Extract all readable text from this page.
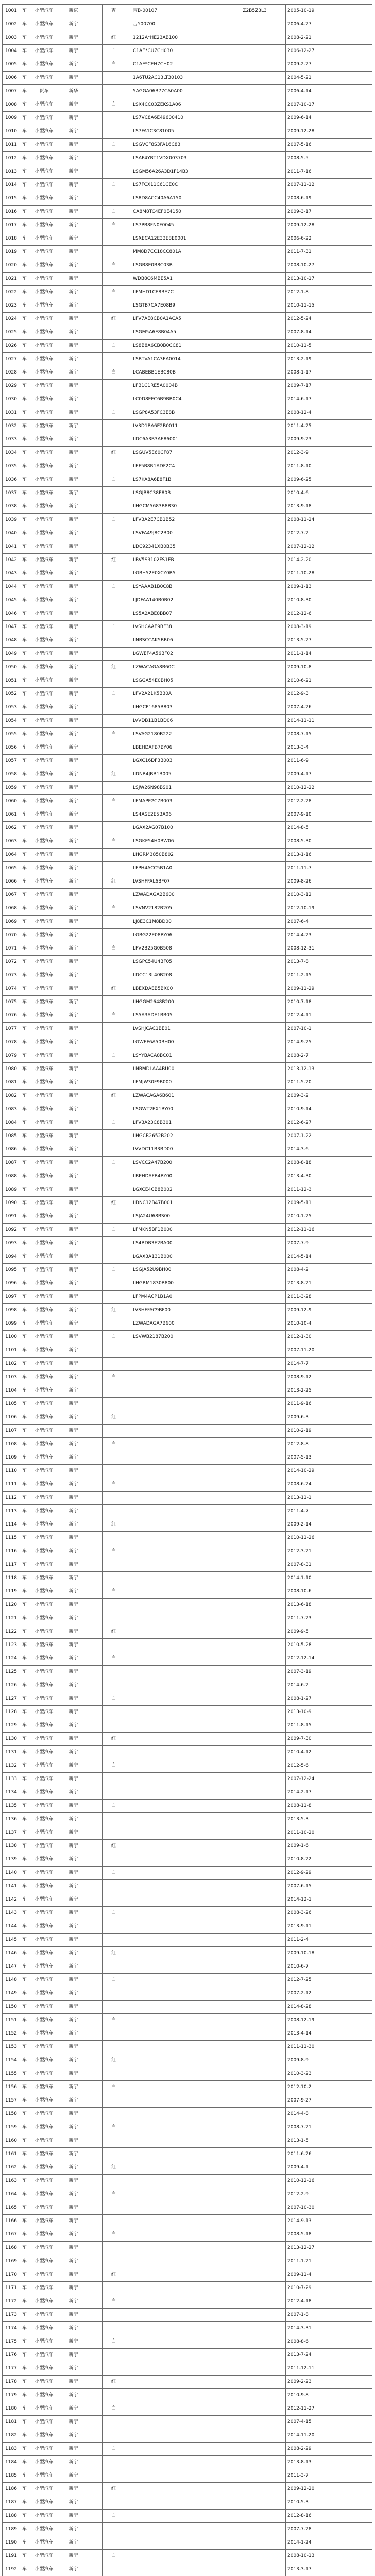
1001	车	小型汽车	新京		吉		吉B-00107	Z2B5Z3L3	2005-10-19
1002	车	小型汽车	新宁				吉Y00700		2006-4-27
1003	车	小型汽车	新宁		红		1212A*HE23AB100		2008-2-21
1004	车	小型汽车	新宁		白		C1AE*CU7CH030		2006-12-27
1005	车	小型汽车	新宁		白		C1AE*CEH7CH02		2009-2-27
1006	车	小型汽车	新宁				1A6TU2AC13LT30103		2004-5-21
1007	车	货车	新华				5AGGA06B77CA0A00		2006-4-14
1008	车	小型汽车	新宁		白		LSX4CC03ZEKS1A06		2007-10-17
1009	车	小型汽车	新宁				LS7VC8A6E49600410		2009-6-14
1010	车	小型汽车	新宁				LS7FA1C3C81005		2009-12-28
1011	车	小型汽车	新宁		白		LSGVCF8S3FA16C83		2007-5-16
1012	车	小型汽车	新宁				LSAF4YBT1VDX003703		2008-5-5
1013	车	小型汽车	新宁				LSGM56A26A3D1F14B3		2011-7-16
1014	车	小型汽车	新宁		白		LS7FCX11C61CE0C		2007-11-12
1015	车	小型汽车	新宁				LS8D8ACC40A6A150		2008-6-19
1016	车	小型汽车	新宁		白		CA8M8TC4EF0E4150		2009-3-17
1017	车	小型汽车	新宁		白		LS7PB8FN0F0045		2009-12-28
1018	车	小型汽车	新宁				LSXECA12E33E8E0001		2006-6-22
1019	车	小型汽车	新宁				MM8D7CC18CC801A		2011-7-31
1020	车	小型汽车	新宁		白		LSGB8E0B8C03B		2008-10-27
1021	车	小型汽车	新宁				WDB8C6MBE5A1		2013-10-17
1022	车	小型汽车	新宁		白		LFMHD1CE8BE7C		2012-1-8
1023	车	小型汽车	新宁				LSGTB7CA7E08B9		2010-11-15
1024	车	小型汽车	新宁		红		LFV7AE8CB0A1ACA5		2012-5-24
1025	车	小型汽车	新宁				LSGM5A6E8B04A5		2007-8-14
1026	车	小型汽车	新宁		白		LS8B8A6CB0B0CC81		2010-11-5
1027	车	小型汽车	新宁				LSBTVA1CA3EA0014		2013-2-19
1028	车	小型汽车	新宁		白		LCABEBB1EBC80B		2008-1-17
1029	车	小型汽车	新宁				LFB1C1RE5A0004B		2009-7-17
1030	车	小型汽车	新宁				LC0D8EFC6B9BB0C4		2014-6-17
1031	车	小型汽车	新宁		白		LSGP8A53FC3E8B		2008-12-4
1032	车	小型汽车	新宁				LV3D1BA6E2B0011		2011-4-25
1033	车	小型汽车	新宁				LDC6A3B3AE86001		2009-9-23
1034	车	小型汽车	新宁		红		LSGUV5E60CF87		2012-3-9
1035	车	小型汽车	新宁				LEF5B8R1ADF2C4		2011-8-10
1036	车	小型汽车	新宁		白		LS7KA8A6E8F1B		2009-6-25
1037	车	小型汽车	新宁				LSGJB8C38E80B		2010-4-6
1038	车	小型汽车	新宁				LHGCM5683B8B30		2013-9-18
1039	车	小型汽车	新宁		白		LFV3A2E7CB1B52		2008-11-24
1040	车	小型汽车	新宁				LSVFA49J8C2B00		2012-7-2
1041	车	小型汽车	新宁				LDC92341XB0B35		2007-12-12
1042	车	小型汽车	新宁		红		LBV5S3102FS1EB		2014-2-20
1043	车	小型汽车	新宁				LGBH52E0XCY0B5		2011-10-28
1044	车	小型汽车	新宁		白		LSYAAAB1B0C8B		2009-1-13
1045	车	小型汽车	新宁				LJDFAA140B0B02		2010-8-30
1046	车	小型汽车	新宁				LS5A2ABE8BB07		2012-12-6
1047	车	小型汽车	新宁		白		LVSHCAAE9BF38		2008-3-19
1048	车	小型汽车	新宁				LNBSCCAK5BR06		2013-5-27
1049	车	小型汽车	新宁				LGWEF4A56BF02		2011-1-14
1050	车	小型汽车	新宁		红		LZWACAGA8B60C		2009-10-8
1051	车	小型汽车	新宁				LSGGA54E0BH05		2010-6-21
1052	车	小型汽车	新宁		白		LFV2A21K5B30A		2012-9-3
1053	车	小型汽车	新宁				LHGCP1685B803		2007-4-26
1054	车	小型汽车	新宁				LVVDB11B1BD06		2014-11-11
1055	车	小型汽车	新宁		白		LSVAG2180B222		2008-7-15
1056	车	小型汽车	新宁				LBEHDAFB7BY06		2013-3-4
1057	车	小型汽车	新宁				LGXC16DF3B003		2011-6-9
1058	车	小型汽车	新宁		红		LDNB4JBB1B005		2009-4-17
1059	车	小型汽车	新宁				LSJW26N98BS01		2010-12-22
1060	车	小型汽车	新宁		白		LFMAPE2C7B003		2012-2-28
1061	车	小型汽车	新宁				LS4ASE2E5BA06		2007-9-10
1062	车	小型汽车	新宁				LGAX2AG07B100		2014-8-5
1063	车	小型汽车	新宁		白		LSGKE54H0BW06		2008-5-30
1064	车	小型汽车	新宁				LHGRM3850B802		2013-1-16
1065	车	小型汽车	新宁				LFPH4ACC5B1A0		2011-11-7
1066	车	小型汽车	新宁		红		LVSHFFAL6BF07		2009-8-26
1067	车	小型汽车	新宁				LZWADAGA2B600		2010-3-12
1068	车	小型汽车	新宁		白		LSVNV2182B205		2012-10-19
1069	车	小型汽车	新宁				LJ8E3C1M8BD00		2007-6-4
1070	车	小型汽车	新宁				LGBG22E08BY06		2014-4-23
1071	车	小型汽车	新宁		白		LFV2B25G0B508		2008-12-31
1072	车	小型汽车	新宁				LSGPC54U4BF05		2013-7-8
1073	车	小型汽车	新宁				LDCC13L40B208		2011-2-15
1074	车	小型汽车	新宁		红		LBEXDAEB5BX00		2009-11-29
1075	车	小型汽车	新宁				LHGGM2648B200		2010-7-18
1076	车	小型汽车	新宁		白		LS5A3ADE1BB05		2012-4-11
1077	车	小型汽车	新宁				LVSHJCAC1BE01		2007-10-1
1078	车	小型汽车	新宁				LGWEF6A50BH00		2014-9-25
1079	车	小型汽车	新宁		白		LSYYBACA8BC01		2008-2-7
1080	车	小型汽车	新宁				LNBMDLAA4BU00		2013-12-13
1081	车	小型汽车	新宁				LFMJW30F9B000		2011-5-20
1082	车	小型汽车	新宁		红		LZWACAGA6B601		2009-3-2
1083	车	小型汽车	新宁				LSGWT2EX1BY00		2010-9-14
1084	车	小型汽车	新宁		白		LFV3A23C8B301		2012-6-27
1085	车	小型汽车	新宁				LHGCR2652B202		2007-1-22
1086	车	小型汽车	新宁				LVVDC11B3BD00		2014-3-6
1087	车	小型汽车	新宁		白		LSVCC2A47B200		2008-8-18
1088	车	小型汽车	新宁				LBEHDAFB4BY00		2013-4-30
1089	车	小型汽车	新宁				LGXCE4CB8B002		2011-12-3
1090	车	小型汽车	新宁		红		LDNC12B47B001		2009-5-11
1091	车	小型汽车	新宁				LSJA24U68BS00		2010-1-25
1092	车	小型汽车	新宁		白		LFMKN5BF1B000		2012-11-16
1093	车	小型汽车	新宁				LS4BDB3E2BA00		2007-7-9
1094	车	小型汽车	新宁				LGAX3A131B000		2014-5-14
1095	车	小型汽车	新宁		白		LSGJA52U9BH00		2008-4-2
1096	车	小型汽车	新宁				LHGRM1830B800		2013-8-21
1097	车	小型汽车	新宁				LFPM4ACP1B1A0		2011-3-28
1098	车	小型汽车	新宁		红		LVSHFFAC9BF00		2009-12-9
1099	车	小型汽车	新宁				LZWADAGA7B600		2010-10-4
1100	车	小型汽车	新宁		白		LSVWB2187B200		2012-1-30
1101	车	小型汽车	新宁						2007-11-20
1102	车	小型汽车	新宁						2014-7-7
1103	车	小型汽车	新宁		白				2008-9-12
1104	车	小型汽车	新宁						2013-2-25
1105	车	小型汽车	新宁						2011-9-16
1106	车	小型汽车	新宁		红				2009-6-3
1107	车	小型汽车	新宁						2010-2-19
1108	车	小型汽车	新宁		白				2012-8-8
1109	车	小型汽车	新宁						2007-5-13
1110	车	小型汽车	新宁						2014-10-29
1111	车	小型汽车	新宁		白				2008-6-24
1112	车	小型汽车	新宁						2013-11-1
1113	车	小型汽车	新宁						2011-4-7
1114	车	小型汽车	新宁		红				2009-2-14
1115	车	小型汽车	新宁						2010-11-26
1116	车	小型汽车	新宁		白				2012-3-21
1117	车	小型汽车	新宁						2007-8-31
1118	车	小型汽车	新宁						2014-1-10
1119	车	小型汽车	新宁		白				2008-10-6
1120	车	小型汽车	新宁						2013-6-18
1121	车	小型汽车	新宁						2011-7-23
1122	车	小型汽车	新宁		红				2009-9-5
1123	车	小型汽车	新宁						2010-5-28
1124	车	小型汽车	新宁		白				2012-12-14
1125	车	小型汽车	新宁						2007-3-19
1126	车	小型汽车	新宁						2014-6-2
1127	车	小型汽车	新宁		白				2008-1-27
1128	车	小型汽车	新宁						2013-10-9
1129	车	小型汽车	新宁						2011-8-15
1130	车	小型汽车	新宁		红				2009-7-30
1131	车	小型汽车	新宁						2010-4-12
1132	车	小型汽车	新宁		白				2012-5-6
1133	车	小型汽车	新宁						2007-12-24
1134	车	小型汽车	新宁						2014-2-17
1135	车	小型汽车	新宁		白				2008-11-8
1136	车	小型汽车	新宁						2013-5-3
1137	车	小型汽车	新宁						2011-10-20
1138	车	小型汽车	新宁		红				2009-1-6
1139	车	小型汽车	新宁						2010-8-22
1140	车	小型汽车	新宁		白				2012-9-29
1141	车	小型汽车	新宁						2007-6-15
1142	车	小型汽车	新宁						2014-12-1
1143	车	小型汽车	新宁		白				2008-3-26
1144	车	小型汽车	新宁						2013-9-11
1145	车	小型汽车	新宁						2011-2-4
1146	车	小型汽车	新宁		红				2009-10-18
1147	车	小型汽车	新宁						2010-6-7
1148	车	小型汽车	新宁		白				2012-7-25
1149	车	小型汽车	新宁						2007-2-12
1150	车	小型汽车	新宁						2014-8-28
1151	车	小型汽车	新宁		白				2008-12-19
1152	车	小型汽车	新宁						2013-4-14
1153	车	小型汽车	新宁						2011-11-30
1154	车	小型汽车	新宁		红				2009-8-9
1155	车	小型汽车	新宁						2010-3-23
1156	车	小型汽车	新宁		白				2012-10-2
1157	车	小型汽车	新宁						2007-9-27
1158	车	小型汽车	新宁						2014-4-8
1159	车	小型汽车	新宁		白				2008-7-21
1160	车	小型汽车	新宁						2013-1-5
1161	车	小型汽车	新宁						2011-6-26
1162	车	小型汽车	新宁		红				2009-4-1
1163	车	小型汽车	新宁						2010-12-16
1164	车	小型汽车	新宁		白				2012-2-9
1165	车	小型汽车	新宁						2007-10-30
1166	车	小型汽车	新宁						2014-9-13
1167	车	小型汽车	新宁		白				2008-5-18
1168	车	小型汽车	新宁						2013-12-27
1169	车	小型汽车	新宁						2011-1-21
1170	车	小型汽车	新宁		红				2009-11-4
1171	车	小型汽车	新宁						2010-7-29
1172	车	小型汽车	新宁		白				2012-4-18
1173	车	小型汽车	新宁						2007-1-8
1174	车	小型汽车	新宁						2014-3-31
1175	车	小型汽车	新宁		白				2008-8-6
1176	车	小型汽车	新宁						2013-7-24
1177	车	小型汽车	新宁						2011-12-11
1178	车	小型汽车	新宁		红				2009-2-23
1179	车	小型汽车	新宁						2010-9-8
1180	车	小型汽车	新宁		白				2012-11-27
1181	车	小型汽车	新宁						2007-4-15
1182	车	小型汽车	新宁						2014-11-20
1183	车	小型汽车	新宁		白				2008-2-29
1184	车	小型汽车	新宁						2013-8-13
1185	车	小型汽车	新宁						2011-3-7
1186	车	小型汽车	新宁		红				2009-12-20
1187	车	小型汽车	新宁						2010-5-3
1188	车	小型汽车	新宁		白				2012-8-16
1189	车	小型汽车	新宁						2007-7-28
1190	车	小型汽车	新宁						2014-1-24
1191	车	小型汽车	新宁		白				2008-10-13
1192	车	小型汽车	新宁						2013-3-17
